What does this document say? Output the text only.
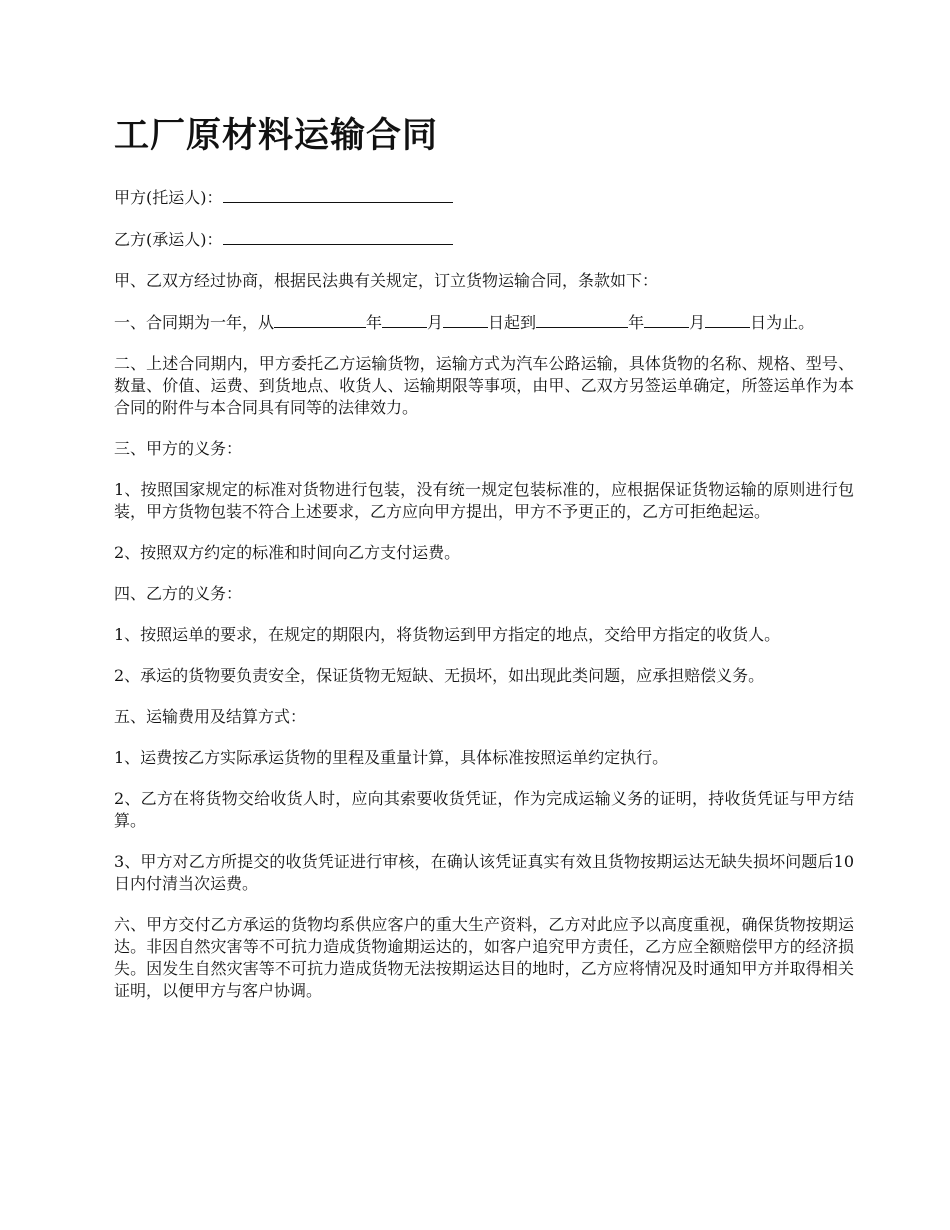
工厂原材料运输合同

甲方(托运人)：

乙方(承运人)：

甲、乙双方经过协商，根据民法典有关规定，订立货物运输合同，条款如下：

一、合同期为一年，从	年	月	日起到	年	月	日为止。

二、上述合同期内，甲方委托乙方运输货物，运输方式为汽车公路运输，具体货物的名称、规格、型号、数量、价值、运费、到货地点、收货人、运输期限等事项，由甲、乙双方另签运单确定，所签运单作为本合同的附件与本合同具有同等的法律效力。

三、甲方的义务：

1、按照国家规定的标准对货物进行包装，没有统一规定包装标准的，应根据保证货物运输的原则进行包装，甲方货物包装不符合上述要求，乙方应向甲方提出，甲方不予更正的，乙方可拒绝起运。

2、按照双方约定的标准和时间向乙方支付运费。

四、乙方的义务：

1、按照运单的要求，在规定的期限内，将货物运到甲方指定的地点，交给甲方指定的收货人。

2、承运的货物要负责安全，保证货物无短缺、无损坏，如出现此类问题，应承担赔偿义务。

五、运输费用及结算方式：

1、运费按乙方实际承运货物的里程及重量计算，具体标准按照运单约定执行。

2、乙方在将货物交给收货人时，应向其索要收货凭证，作为完成运输义务的证明，持收货凭证与甲方结算。

3、甲方对乙方所提交的收货凭证进行审核，在确认该凭证真实有效且货物按期运达无缺失损坏问题后10日内付清当次运费。

六、甲方交付乙方承运的货物均系供应客户的重大生产资料，乙方对此应予以高度重视，确保货物按期运达。非因自然灾害等不可抗力造成货物逾期运达的，如客户追究甲方责任，乙方应全额赔偿甲方的经济损失。因发生自然灾害等不可抗力造成货物无法按期运达目的地时，乙方应将情况及时通知甲方并取得相关证明，以便甲方与客户协调。
